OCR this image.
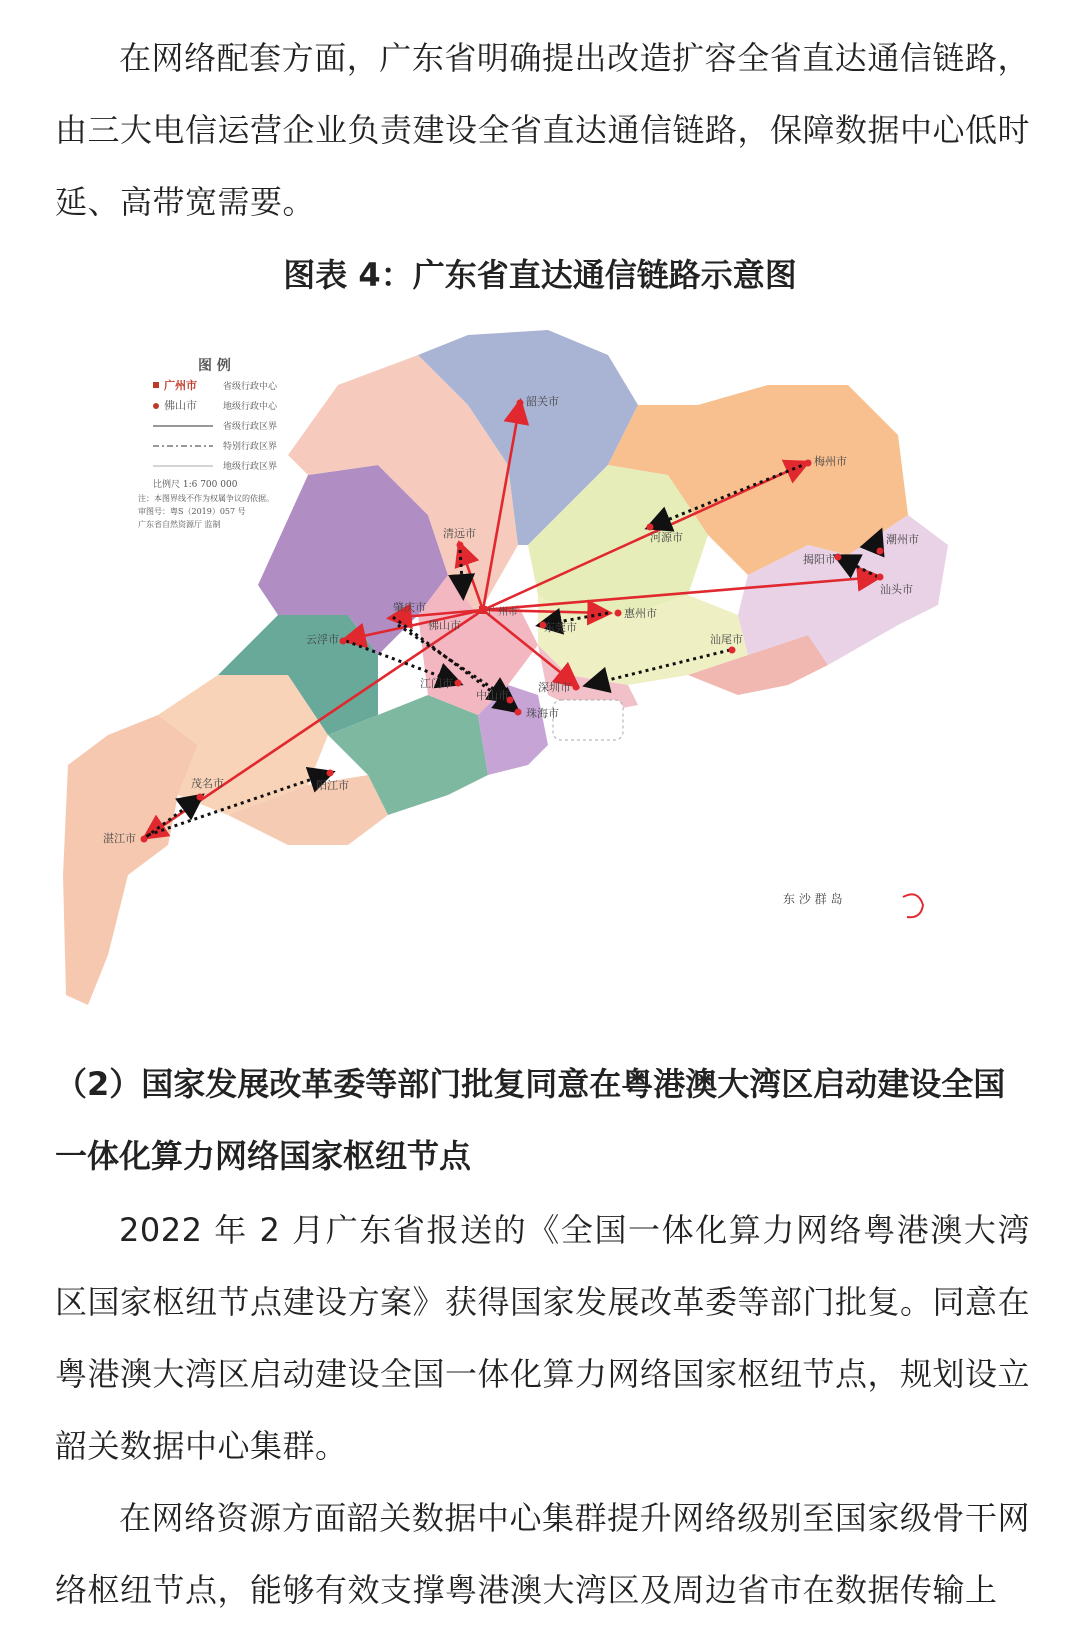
在网络配套方面，广东省明确提出改造扩容全省直达通信链路，由三大电信运营企业负责建设全省直达通信链路，保障数据中心低时延、高带宽需要。

图表 4：广东省直达通信链路示意图

图 例
广州市	省级行政中心
佛山市	地级行政中心
省级行政区界
特别行政区界
地级行政区界
比例尺 1:6 700 000
注：本图界线不作为权属争议的依据。
审图号：粤S（2019）057 号
广东省自然资源厅 监制
韶关市
清远市
梅州市
河源市	潮州市
揭阳市
汕头市
惠州市
广州市
东莞市
佛山市
肇庆市
云浮市
江门市
中山市
珠海市
深圳市
汕尾市
茂名市	阳江市
湛江市
东 沙 群 岛

（2）国家发展改革委等部门批复同意在粤港澳大湾区启动建设全国一体化算力网络国家枢纽节点

2022 年 2 月广东省报送的《全国一体化算力网络粤港澳大湾区国家枢纽节点建设方案》获得国家发展改革委等部门批复。同意在粤港澳大湾区启动建设全国一体化算力网络国家枢纽节点，规划设立韶关数据中心集群。

在网络资源方面韶关数据中心集群提升网络级别至国家级骨干网络枢纽节点，能够有效支撑粤港澳大湾区及周边省市在数据传输上
